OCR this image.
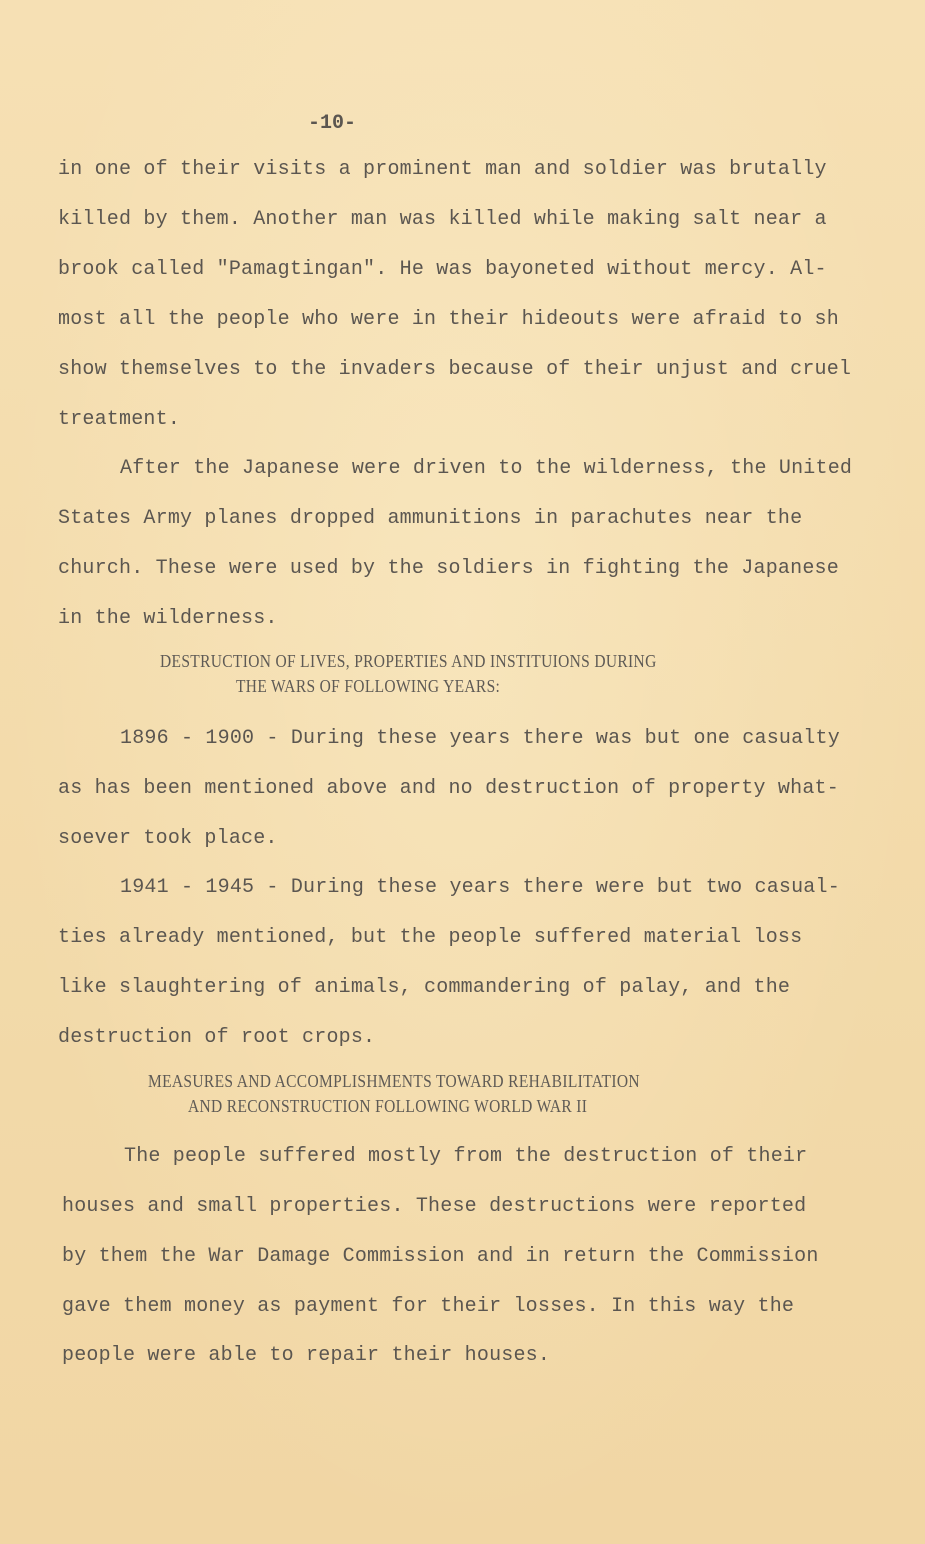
-10-
in one of their visits a prominent man and soldier was brutally
killed by them. Another man was killed while making salt near a
brook called "Pamagtingan". He was bayoneted without mercy. Al-
most all the people who were in their hideouts were afraid to sh
show themselves to the invaders because of their unjust and cruel
treatment.
After the Japanese were driven to the wilderness, the United
States Army planes dropped ammunitions in parachutes near the
church. These were used by the soldiers in fighting the Japanese
in the wilderness.
DESTRUCTION OF LIVES, PROPERTIES AND INSTITUIONS DURING
THE WARS OF FOLLOWING YEARS:
1896 - 1900 - During these years there was but one casualty
as has been mentioned above and no destruction of property what-
soever took place.
1941 - 1945 - During these years there were but two casual-
ties already mentioned, but the people suffered material loss
like slaughtering of animals, commandering of palay, and the
destruction of root crops.
MEASURES AND ACCOMPLISHMENTS TOWARD REHABILITATION
AND RECONSTRUCTION FOLLOWING WORLD WAR II
The people suffered mostly from the destruction of their
houses and small properties. These destructions were reported
by them the War Damage Commission and in return the Commission
gave them money as payment for their losses. In this way the
people were able to repair their houses.
